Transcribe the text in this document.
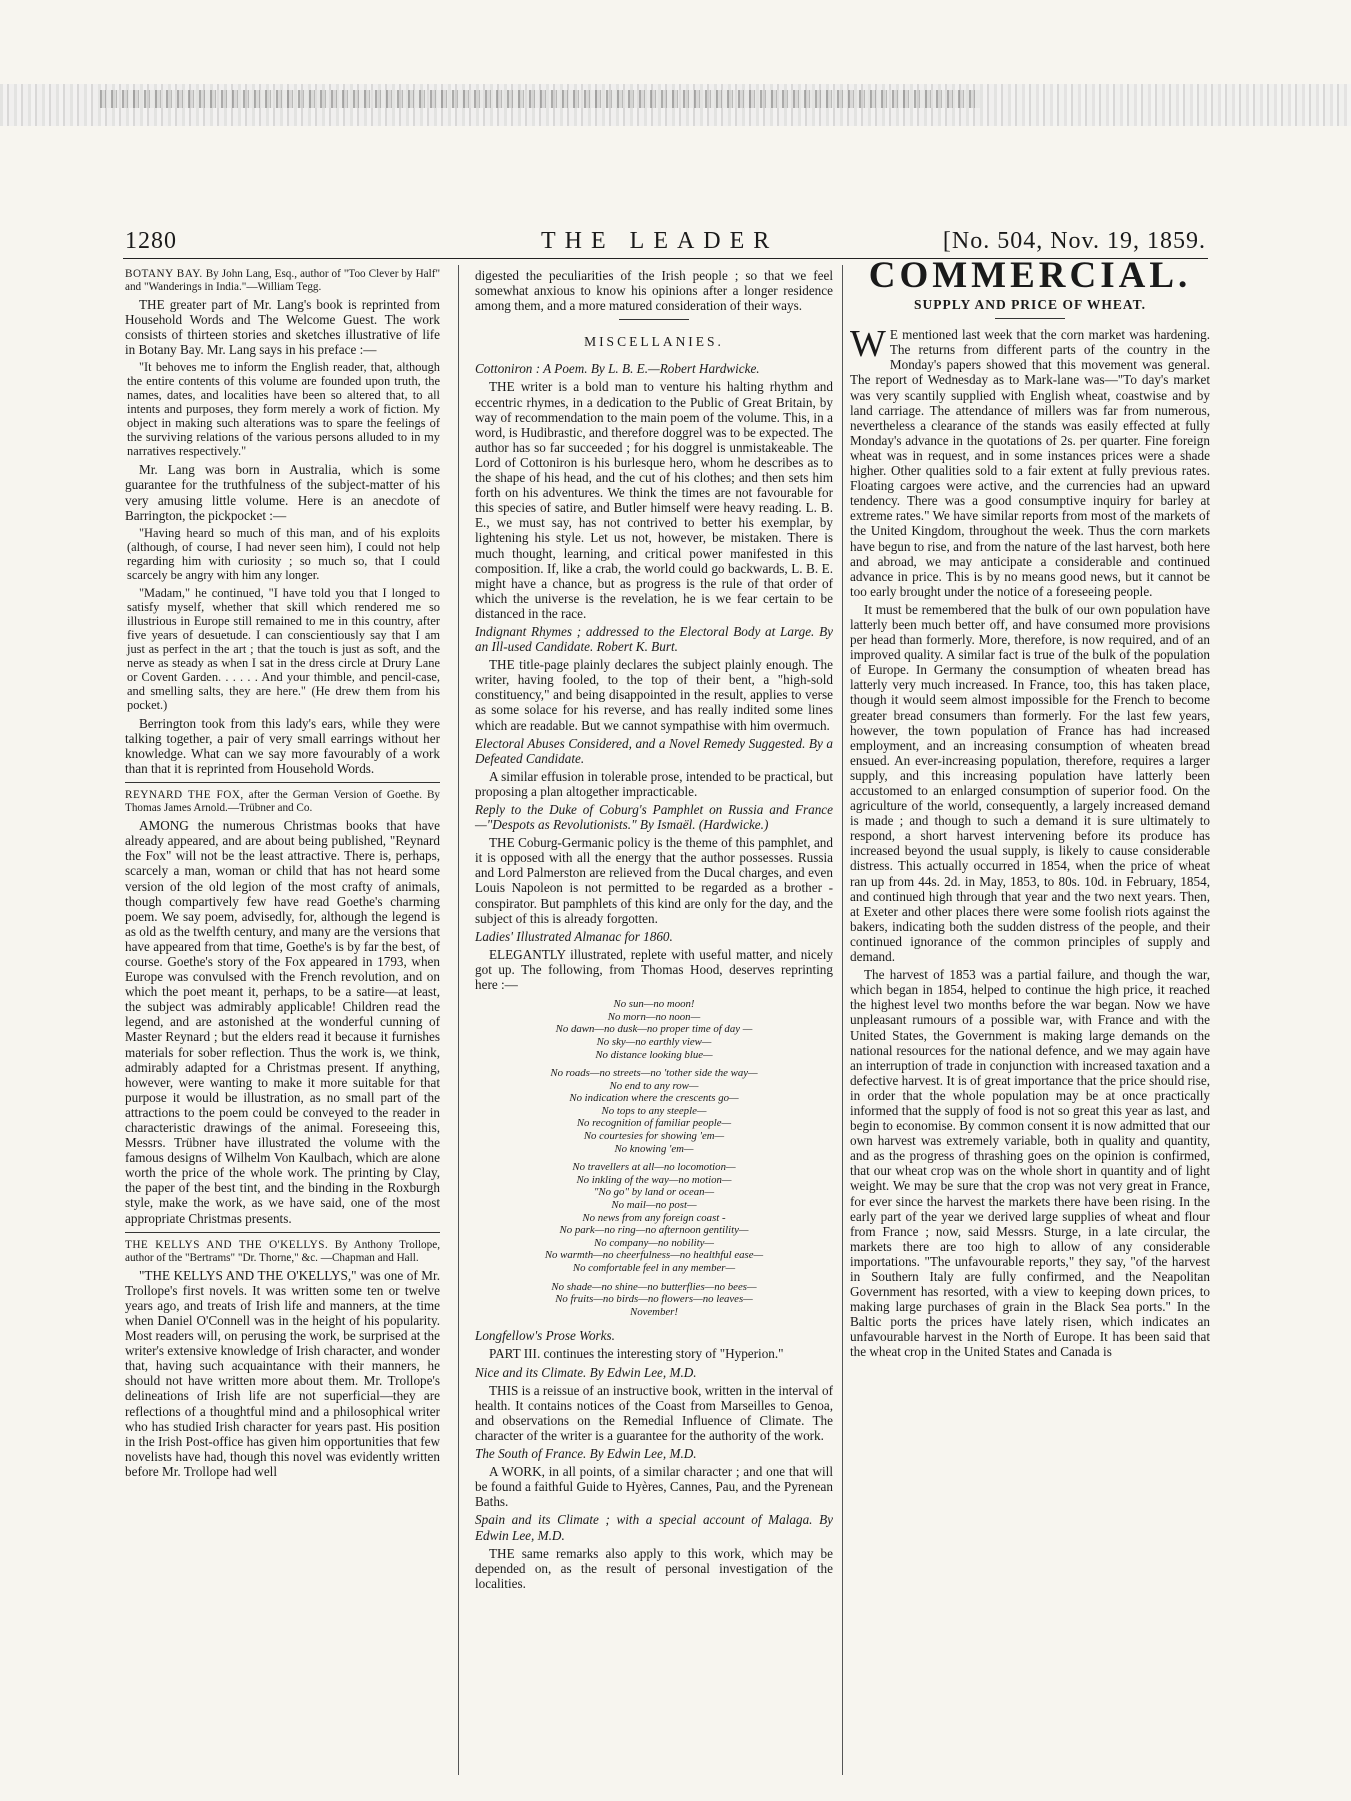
1280	THE LEADER	[No. 504, Nov. 19, 1859.

BOTANY BAY. By John Lang, Esq., author of "Too Clever by Half" and "Wanderings in India."—William Tegg.

THE greater part of Mr. Lang's book is reprinted from Household Words and The Welcome Guest. The work consists of thirteen stories and sketches illustrative of life in Botany Bay. Mr. Lang says in his preface :—

"It behoves me to inform the English reader, that, although the entire contents of this volume are founded upon truth, the names, dates, and localities have been so altered that, to all intents and purposes, they form merely a work of fiction. My object in making such alterations was to spare the feelings of the surviving relations of the various persons alluded to in my narratives respectively."

Mr. Lang was born in Australia, which is some guarantee for the truthfulness of the subject-matter of his very amusing little volume. Here is an anecdote of Barrington, the pickpocket :—

"Having heard so much of this man, and of his exploits (although, of course, I had never seen him), I could not help regarding him with curiosity ; so much so, that I could scarcely be angry with him any longer.
"Madam," he continued, "I have told you that I longed to satisfy myself, whether that skill which rendered me so illustrious in Europe still remained to me in this country, after five years of desuetude. I can conscientiously say that I am just as perfect in the art ; that the touch is just as soft, and the nerve as steady as when I sat in the dress circle at Drury Lane or Covent Garden. . . . . . And your thimble, and pencil-case, and smelling salts, they are here." (He drew them from his pocket.)

Berrington took from this lady's ears, while they were talking together, a pair of very small earrings without her knowledge. What can we say more favourably of a work than that it is reprinted from Household Words.

REYNARD THE FOX, after the German Version of Goethe. By Thomas James Arnold.—Trübner and Co.

AMONG the numerous Christmas books that have already appeared, and are about being published, "Reynard the Fox" will not be the least attractive. There is, perhaps, scarcely a man, woman or child that has not heard some version of the old legion of the most crafty of animals, though compartively few have read Goethe's charming poem. We say poem, advisedly, for, although the legend is as old as the twelfth century, and many are the versions that have appeared from that time, Goethe's is by far the best, of course. Goethe's story of the Fox appeared in 1793, when Europe was convulsed with the French revolution, and on which the poet meant it, perhaps, to be a satire—at least, the subject was admirably applicable! Children read the legend, and are astonished at the wonderful cunning of Master Reynard ; but the elders read it because it furnishes materials for sober reflection. Thus the work is, we think, admirably adapted for a Christmas present. If anything, however, were wanting to make it more suitable for that purpose it would be illustration, as no small part of the attractions to the poem could be conveyed to the reader in characteristic drawings of the animal. Foreseeing this, Messrs. Trübner have illustrated the volume with the famous designs of Wilhelm Von Kaulbach, which are alone worth the price of the whole work. The printing by Clay, the paper of the best tint, and the binding in the Roxburgh style, make the work, as we have said, one of the most appropriate Christmas presents.

THE KELLYS AND THE O'KELLYS. By Anthony Trollope, author of the "Bertrams" "Dr. Thorne," &c. —Chapman and Hall.

"THE KELLYS AND THE O'KELLYS," was one of Mr. Trollope's first novels. It was written some ten or twelve years ago, and treats of Irish life and manners, at the time when Daniel O'Connell was in the height of his popularity. Most readers will, on perusing the work, be surprised at the writer's extensive knowledge of Irish character, and wonder that, having such acquaintance with their manners, he should not have written more about them. Mr. Trollope's delineations of Irish life are not superficial—they are reflections of a thoughtful mind and a philosophical writer who has studied Irish character for years past. His position in the Irish Post-office has given him opportunities that few novelists have had, though this novel was evidently written before Mr. Trollope had well

digested the peculiarities of the Irish people ; so that we feel somewhat anxious to know his opinions after a longer residence among them, and a more matured consideration of their ways.

MISCELLANIES.

Cottoniron : A Poem. By L. B. E.—Robert Hardwicke.

THE writer is a bold man to venture his halting rhythm and eccentric rhymes, in a dedication to the Public of Great Britain, by way of recommendation to the main poem of the volume. This, in a word, is Hudibrastic, and therefore doggrel was to be expected. The author has so far succeeded ; for his doggrel is unmistakeable. The Lord of Cottoniron is his burlesque hero, whom he describes as to the shape of his head, and the cut of his clothes; and then sets him forth on his adventures. We think the times are not favourable for this species of satire, and Butler himself were heavy reading. L. B. E., we must say, has not contrived to better his exemplar, by lightening his style. Let us not, however, be mistaken. There is much thought, learning, and critical power manifested in this composition. If, like a crab, the world could go backwards, L. B. E. might have a chance, but as progress is the rule of that order of which the universe is the revelation, he is we fear certain to be distanced in the race.

Indignant Rhymes ; addressed to the Electoral Body at Large. By an Ill-used Candidate. Robert K. Burt.

THE title-page plainly declares the subject plainly enough. The writer, having fooled, to the top of their bent, a "high-sold constituency," and being disappointed in the result, applies to verse as some solace for his reverse, and has really indited some lines which are readable. But we cannot sympathise with him overmuch.

Electoral Abuses Considered, and a Novel Remedy Suggested. By a Defeated Candidate.

A similar effusion in tolerable prose, intended to be practical, but proposing a plan altogether impracticable.

Reply to the Duke of Coburg's Pamphlet on Russia and France—"Despots as Revolutionists." By Ismaël. (Hardwicke.)

THE Coburg-Germanic policy is the theme of this pamphlet, and it is opposed with all the energy that the author possesses. Russia and Lord Palmerston are relieved from the Ducal charges, and even Louis Napoleon is not permitted to be regarded as a brother - conspirator. But pamphlets of this kind are only for the day, and the subject of this is already forgotten.

Ladies' Illustrated Almanac for 1860.

ELEGANTLY illustrated, replete with useful matter, and nicely got up. The following, from Thomas Hood, deserves reprinting here :—

No sun—no moon!
No morn—no noon—
No dawn—no dusk—no proper time of day —
No sky—no earthly view—
No distance looking blue—
No roads—no streets—no 'tother side the way—
No end to any row—
No indication where the crescents go—
No tops to any steeple—
No recognition of familiar people—
No courtesies for showing 'em—
No knowing 'em—
No travellers at all—no locomotion—
No inkling of the way—no motion—
"No go" by land or ocean—
No mail—no post—
No news from any foreign coast -
No park—no ring—no afternoon gentility—
No company—no nobility—
No warmth—no cheerfulness—no healthful ease—
No comfortable feel in any member—
No shade—no shine—no butterflies—no bees—
No fruits—no birds—no flowers—no leaves—
November!

Longfellow's Prose Works.

PART III. continues the interesting story of "Hyperion."

Nice and its Climate. By Edwin Lee, M.D.

THIS is a reissue of an instructive book, written in the interval of health. It contains notices of the Coast from Marseilles to Genoa, and observations on the Remedial Influence of Climate. The character of the writer is a guarantee for the authority of the work.

The South of France. By Edwin Lee, M.D.

A WORK, in all points, of a similar character ; and one that will be found a faithful Guide to Hyères, Cannes, Pau, and the Pyrenean Baths.

Spain and its Climate ; with a special account of Malaga. By Edwin Lee, M.D.

THE same remarks also apply to this work, which may be depended on, as the result of personal investigation of the localities.

COMMERCIAL.
SUPPLY AND PRICE OF WHEAT.

W E mentioned last week that the corn market was hardening. The returns from different parts of the country in the Monday's papers showed that this movement was general. The report of Wednesday as to Mark-lane was—"To day's market was very scantily supplied with English wheat, coastwise and by land carriage. The attendance of millers was far from numerous, nevertheless a clearance of the stands was easily effected at fully Monday's advance in the quotations of 2s. per quarter. Fine foreign wheat was in request, and in some instances prices were a shade higher. Other qualities sold to a fair extent at fully previous rates. Floating cargoes were active, and the currencies had an upward tendency. There was a good consumptive inquiry for barley at extreme rates." We have similar reports from most of the markets of the United Kingdom, throughout the week. Thus the corn markets have begun to rise, and from the nature of the last harvest, both here and abroad, we may anticipate a considerable and continued advance in price. This is by no means good news, but it cannot be too early brought under the notice of a foreseeing people.

It must be remembered that the bulk of our own population have latterly been much better off, and have consumed more provisions per head than formerly. More, therefore, is now required, and of an improved quality. A similar fact is true of the bulk of the population of Europe. In Germany the consumption of wheaten bread has latterly very much increased. In France, too, this has taken place, though it would seem almost impossible for the French to become greater bread consumers than formerly. For the last few years, however, the town population of France has had increased employment, and an increasing consumption of wheaten bread ensued. An ever-increasing population, therefore, requires a larger supply, and this increasing population have latterly been accustomed to an enlarged consumption of superior food. On the agriculture of the world, consequently, a largely increased demand is made ; and though to such a demand it is sure ultimately to respond, a short harvest intervening before its produce has increased beyond the usual supply, is likely to cause considerable distress. This actually occurred in 1854, when the price of wheat ran up from 44s. 2d. in May, 1853, to 80s. 10d. in February, 1854, and continued high through that year and the two next years. Then, at Exeter and other places there were some foolish riots against the bakers, indicating both the sudden distress of the people, and their continued ignorance of the common principles of supply and demand.

The harvest of 1853 was a partial failure, and though the war, which began in 1854, helped to continue the high price, it reached the highest level two months before the war began. Now we have unpleasant rumours of a possible war, with France and with the United States, the Government is making large demands on the national resources for the national defence, and we may again have an interruption of trade in conjunction with increased taxation and a defective harvest. It is of great importance that the price should rise, in order that the whole population may be at once practically informed that the supply of food is not so great this year as last, and begin to economise. By common consent it is now admitted that our own harvest was extremely variable, both in quality and quantity, and as the progress of thrashing goes on the opinion is confirmed, that our wheat crop was on the whole short in quantity and of light weight. We may be sure that the crop was not very great in France, for ever since the harvest the markets there have been rising. In the early part of the year we derived large supplies of wheat and flour from France ; now, said Messrs. Sturge, in a late circular, the markets there are too high to allow of any considerable importations. "The unfavourable reports," they say, "of the harvest in Southern Italy are fully confirmed, and the Neapolitan Government has resorted, with a view to keeping down prices, to making large purchases of grain in the Black Sea ports." In the Baltic ports the prices have lately risen, which indicates an unfavourable harvest in the North of Europe. It has been said that the wheat crop in the United States and Canada is
